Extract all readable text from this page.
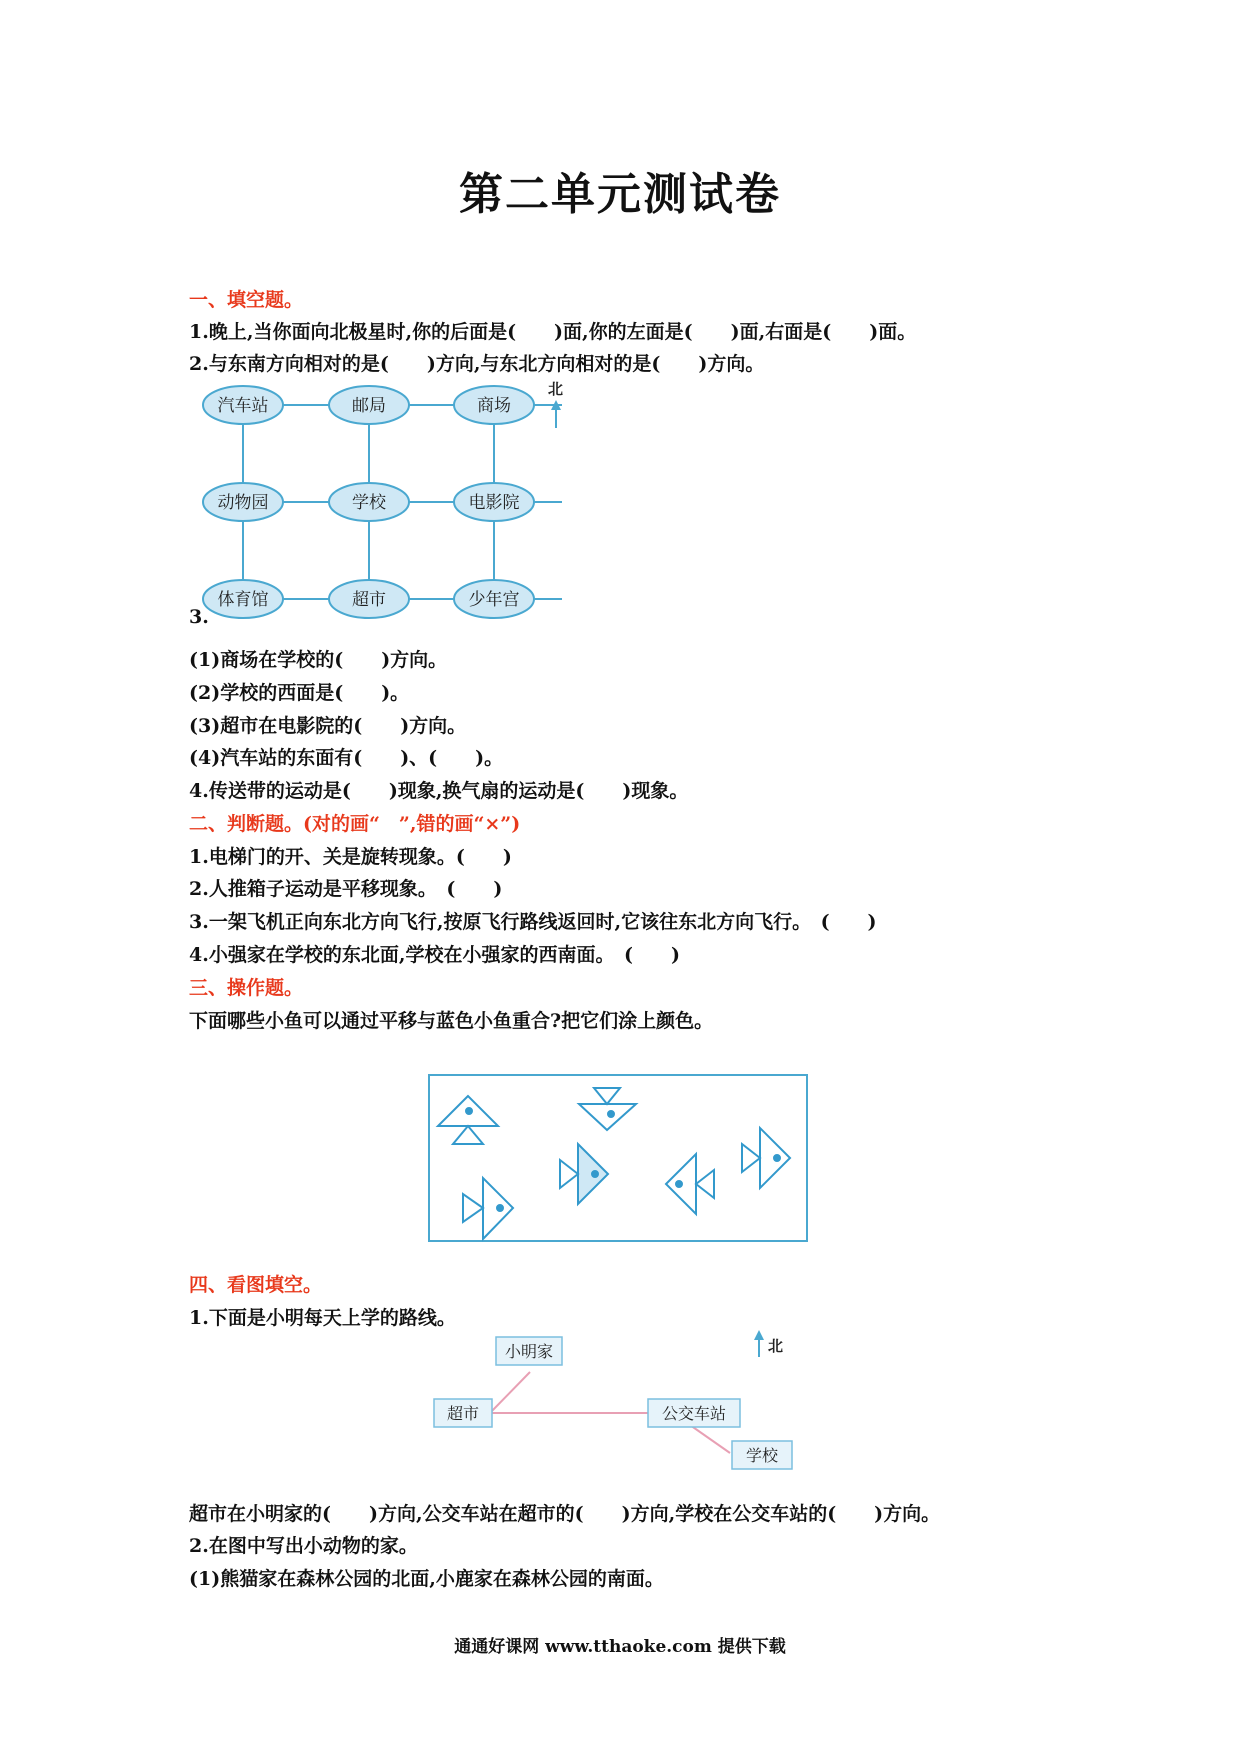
第二单元测试卷
一、填空题。
1.晚上,当你面向北极星时,你的后面是(　　)面,你的左面是(　　)面,右面是(　　)面。
2.与东南方向相对的是(　　)方向,与东北方向相对的是(　　)方向。
北
汽车站	邮局	商场
动物园	学校	电影院
体育馆	超市	少年宫
3.
(1)商场在学校的(　　)方向。
(2)学校的西面是(　　)。
(3)超市在电影院的(　　)方向。
(4)汽车站的东面有(　　)、(　　)。
4.传送带的运动是(　　)现象,换气扇的运动是(　　)现象。
二、判断题。(对的画“　”,错的画“×”)
1.电梯门的开、关是旋转现象。(　　)
2.人推箱子运动是平移现象。　(　　)
3.一架飞机正向东北方向飞行,按原飞行路线返回时,它该往东北方向飞行。　(　　)
4.小强家在学校的东北面,学校在小强家的西南面。　(　　)
三、操作题。
下面哪些小鱼可以通过平移与蓝色小鱼重合?把它们涂上颜色。
四、看图填空。
1.下面是小明每天上学的路线。
北
小明家
超市	公交车站
学校
超市在小明家的(　　)方向,公交车站在超市的(　　)方向,学校在公交车站的(　　)方向。
2.在图中写出小动物的家。
(1)熊猫家在森林公园的北面,小鹿家在森林公园的南面。
通通好课网 www.tthaoke.com 提供下载
